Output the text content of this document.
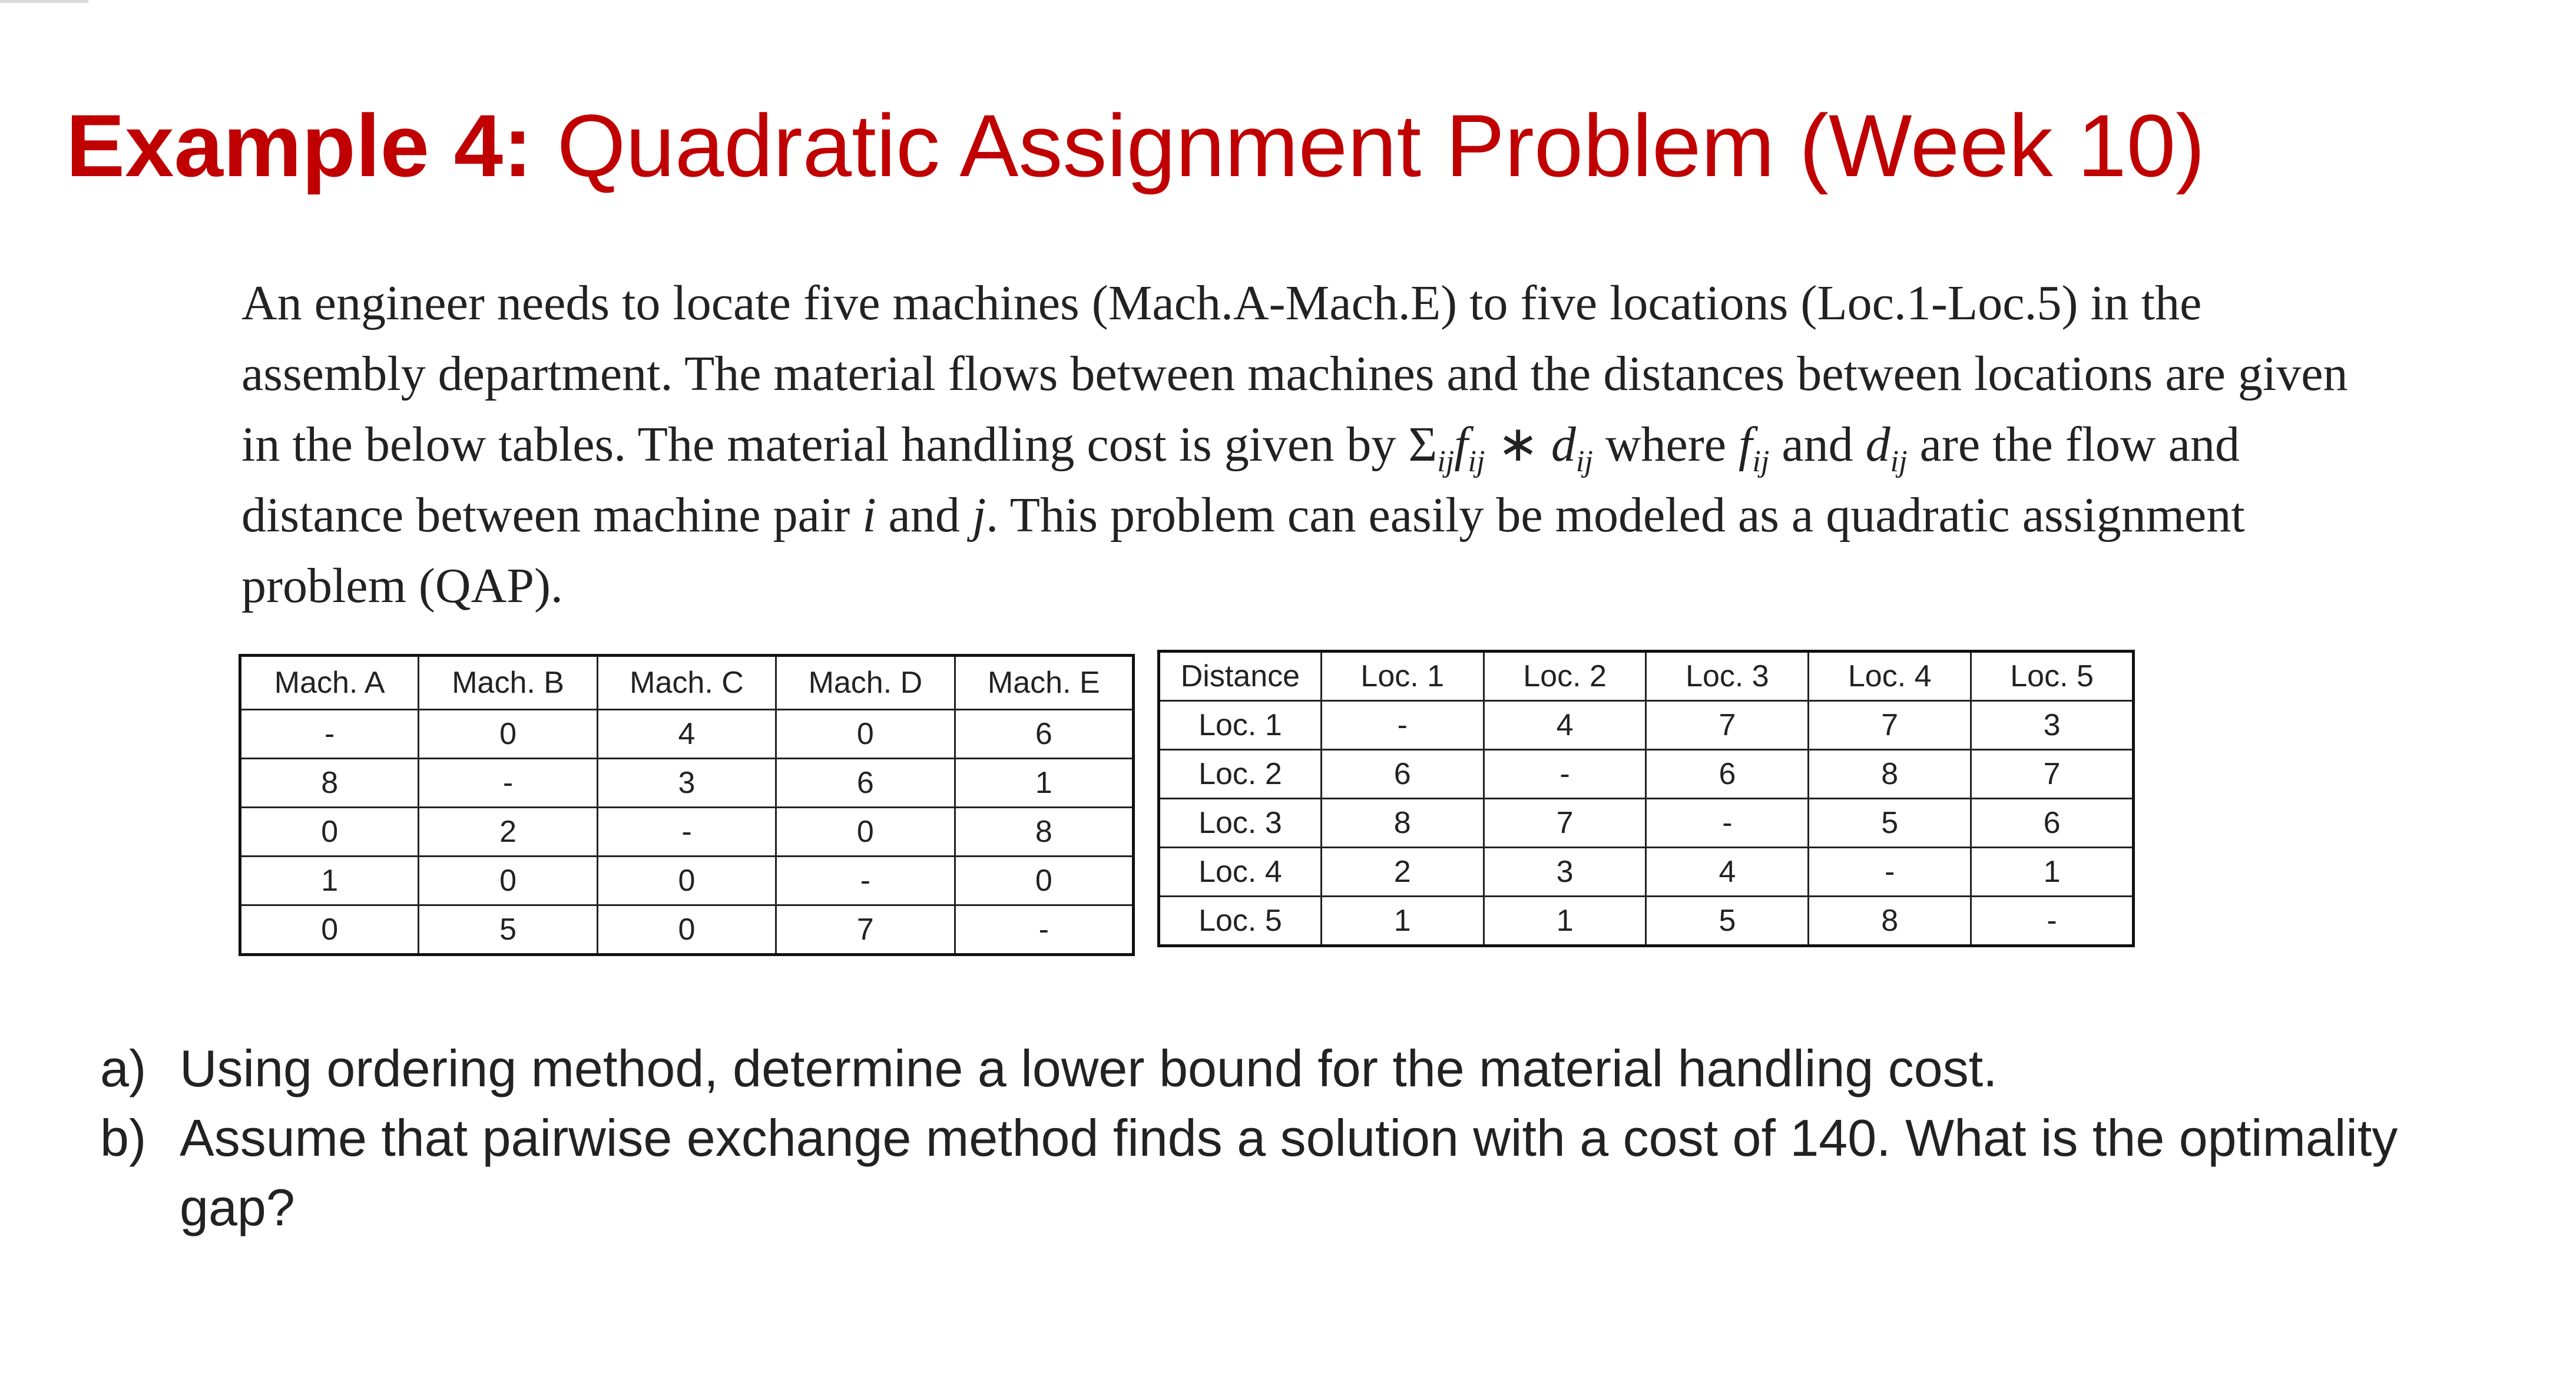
Example 4: Quadratic Assignment Problem (Week 10)

An engineer needs to locate five machines (Mach.A-Mach.E) to five locations (Loc.1-Loc.5) in the assembly department. The material flows between machines and the distances between locations are given in the below tables. The material handling cost is given by $\Sigma_{ij}f_{ij}$ ∗ $d_{ij}$ where $f_{ij}$ and $d_{ij}$ are the flow and distance between machine pair i and j. This problem can easily be modeled as a quadratic assignment problem (QAP).

Mach. A	Mach. B	Mach. C	Mach. D	Mach. E
-	0	4	0	6
8	-	3	6	1
0	2	-	0	8
1	0	0	-	0
0	5	0	7	-
Distance	Loc. 1	Loc. 2	Loc. 3	Loc. 4	Loc. 5
Loc. 1	-	4	7	7	3
Loc. 2	6	-	6	8	7
Loc. 3	8	7	-	5	6
Loc. 4	2	3	4	-	1
Loc. 5	1	1	5	8	-
a) Using ordering method, determine a lower bound for the material handling cost.
b) Assume that pairwise exchange method finds a solution with a cost of 140. What is the optimality gap?
